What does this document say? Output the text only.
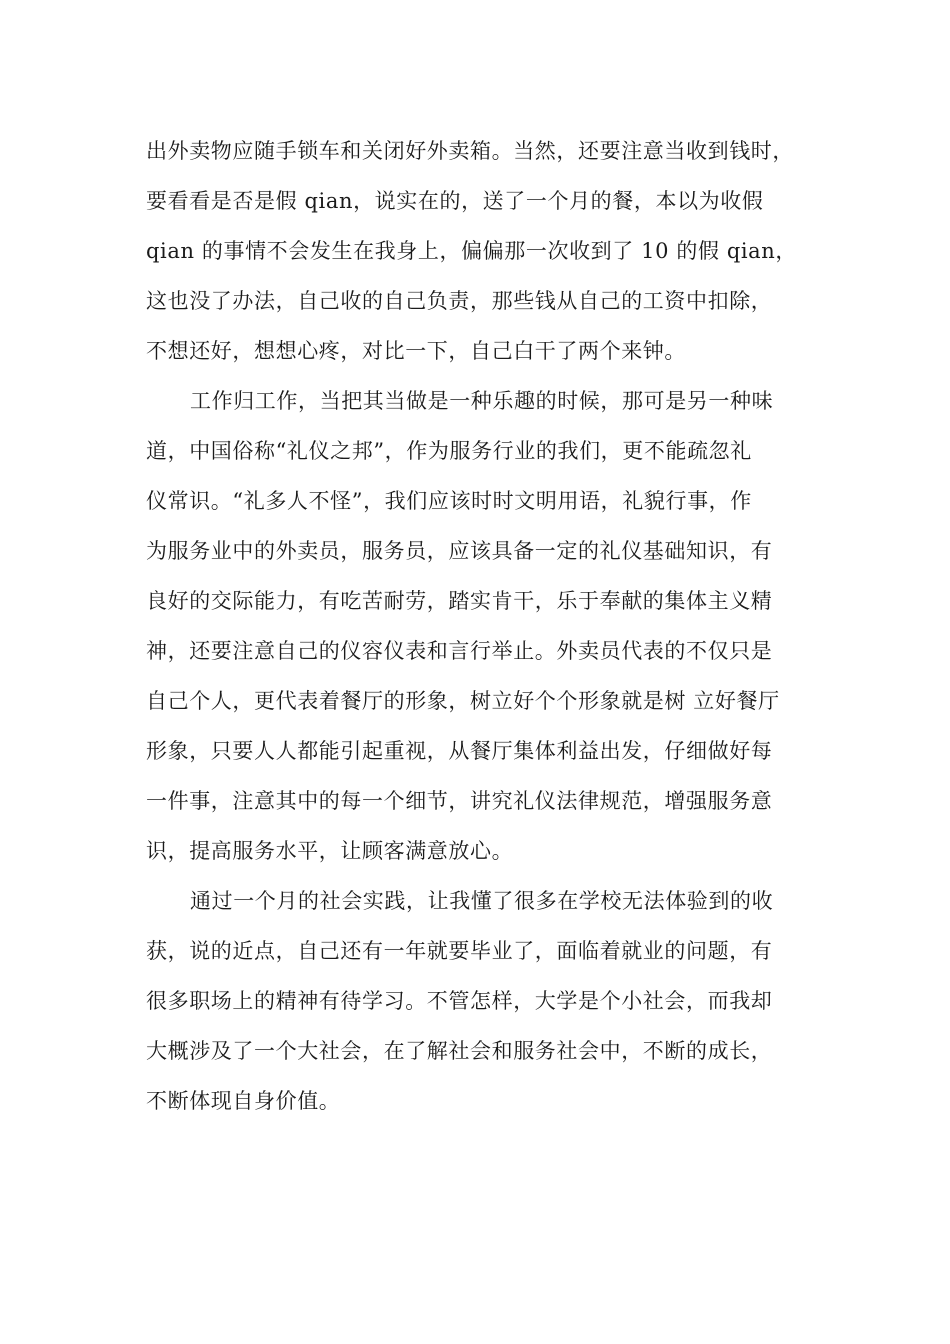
出外卖物应随手锁车和关闭好外卖箱。当然，还要注意当收到钱时，
要看看是否是假 qian，说实在的，送了一个月的餐，本以为收假
qian 的事情不会发生在我身上，偏偏那一次收到了 10 的假 qian，
这也没了办法，自己收的自己负责，那些钱从自己的工资中扣除，
不想还好，想想心疼，对比一下，自己白干了两个来钟。
工作归工作，当把其当做是一种乐趣的时候，那可是另一种味
道，中国俗称“礼仪之邦”，作为服务行业的我们，更不能疏忽礼
仪常识。“礼多人不怪”，我们应该时时文明用语，礼貌行事，作
为服务业中的外卖员，服务员，应该具备一定的礼仪基础知识，有
良好的交际能力，有吃苦耐劳，踏实肯干，乐于奉献的集体主义精
神，还要注意自己的仪容仪表和言行举止。外卖员代表的不仅只是
自己个人，更代表着餐厅的形象，树立好个个形象就是树 立好餐厅
形象，只要人人都能引起重视，从餐厅集体利益出发，仔细做好每
一件事，注意其中的每一个细节，讲究礼仪法律规范，增强服务意
识，提高服务水平，让顾客满意放心。
通过一个月的社会实践，让我懂了很多在学校无法体验到的收
获，说的近点，自己还有一年就要毕业了，面临着就业的问题，有
很多职场上的精神有待学习。不管怎样，大学是个小社会，而我却
大概涉及了一个大社会，在了解社会和服务社会中，不断的成长，
不断体现自身价值。
